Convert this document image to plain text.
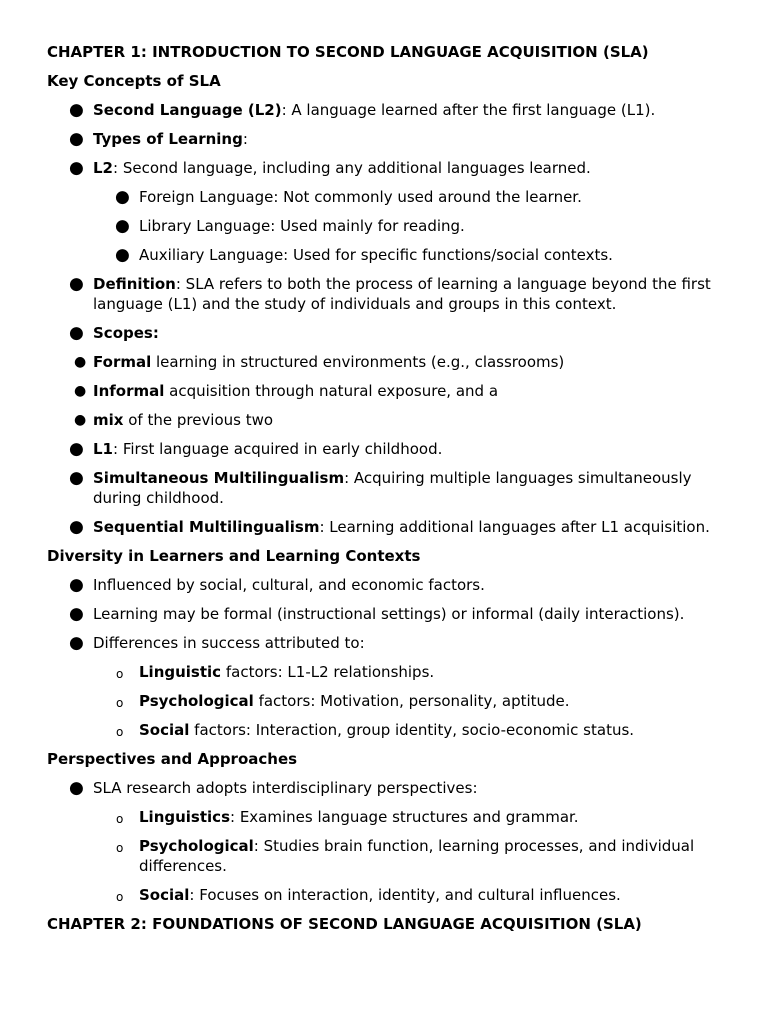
CHAPTER 1: INTRODUCTION TO SECOND LANGUAGE ACQUISITION (SLA)

Key Concepts of SLA

● Second Language (L2): A language learned after the first language (L1).
● Types of Learning:
● L2: Second language, including any additional languages learned.
● Foreign Language: Not commonly used around the learner.
● Library Language: Used mainly for reading.
● Auxiliary Language: Used for specific functions/social contexts.
● Definition: SLA refers to both the process of learning a language beyond the first language (L1) and the study of individuals and groups in this context.
● Scopes:
● Formal learning in structured environments (e.g., classrooms)
● Informal acquisition through natural exposure, and a
● mix of the previous two
● L1: First language acquired in early childhood.
● Simultaneous Multilingualism: Acquiring multiple languages simultaneously during childhood.
● Sequential Multilingualism: Learning additional languages after L1 acquisition.

Diversity in Learners and Learning Contexts

● Influenced by social, cultural, and economic factors.
● Learning may be formal (instructional settings) or informal (daily interactions).
● Differences in success attributed to:
o Linguistic factors: L1-L2 relationships.
o Psychological factors: Motivation, personality, aptitude.
o Social factors: Interaction, group identity, socio-economic status.

Perspectives and Approaches

● SLA research adopts interdisciplinary perspectives:
o Linguistics: Examines language structures and grammar.
o Psychological: Studies brain function, learning processes, and individual differences.
o Social: Focuses on interaction, identity, and cultural influences.

CHAPTER 2: FOUNDATIONS OF SECOND LANGUAGE ACQUISITION (SLA)
